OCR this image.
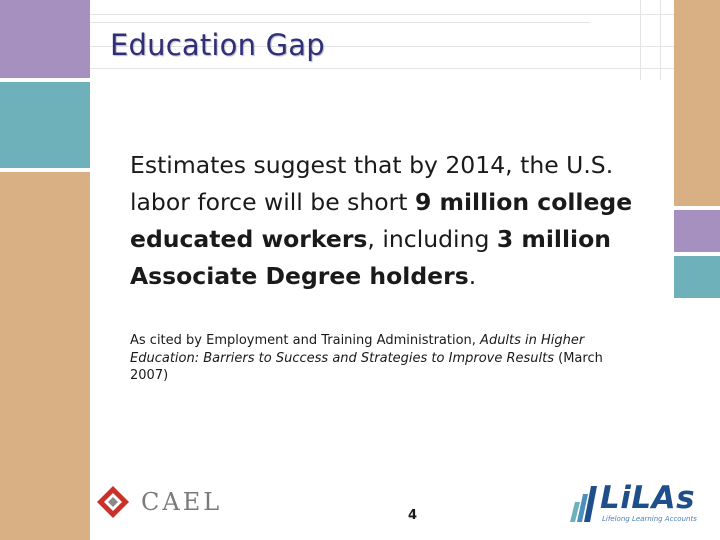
Education Gap

Estimates suggest that by 2014, the U.S. labor force will be short 9 million college educated workers, including 3 million Associate Degree holders.

As cited by Employment and Training Administration, Adults in Higher Education: Barriers to Success and Strategies to Improve Results (March 2007)

4
CAEL	LiLAs
Lifelong Learning Accounts
